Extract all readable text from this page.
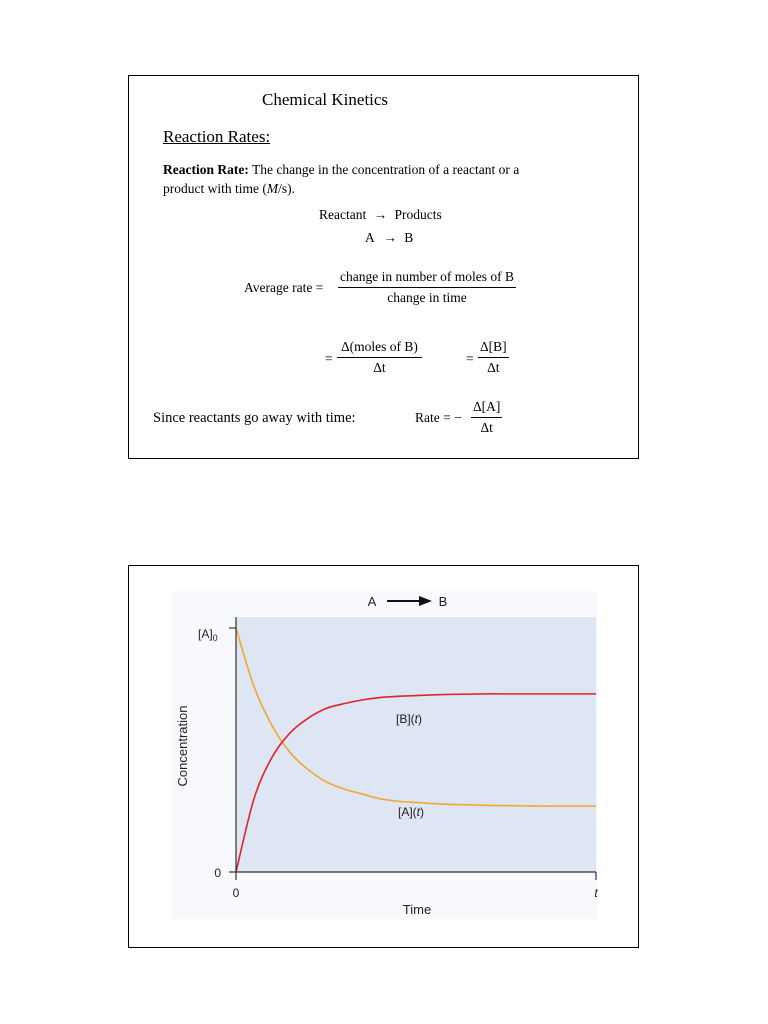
Chemical Kinetics
Reaction Rates:
Reaction Rate: The change in the concentration of a reactant or a
product with time (M/s).
Reactant → Products
A → B
Average rate =
change in number of moles of B
change in time
=
Δ(moles of B)
Δt
= $\frac{\Delta[B]}{\Delta t}$
Since reactants go away with time:	Rate = − $\frac{\Delta[A]}{\Delta t}$
A	B
Time
Concentration
0	t
0
$[A]_0$
[B](t)
[A](t)
